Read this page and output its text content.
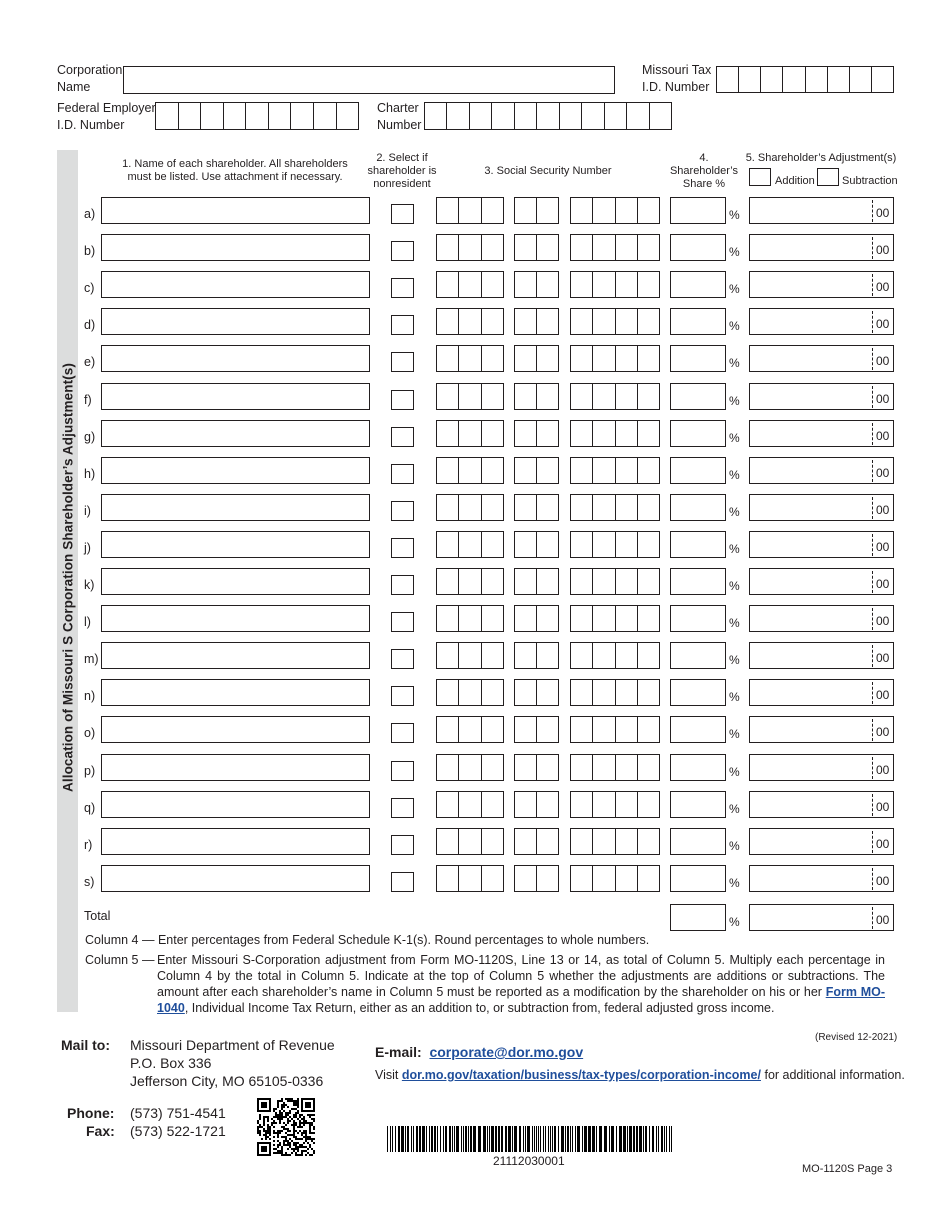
Corporation
Name
Missouri Tax
I.D. Number
Federal Employer
I.D. Number
Charter
Number
Allocation of Missouri S Corporation Shareholder’s Adjustment(s)
1. Name of each shareholder. All shareholders
must be listed. Use attachment if necessary.
2. Select if
shareholder is
nonresident
3. Social Security Number
4.
Shareholder’s
Share %
5. Shareholder’s Adjustment(s)
Addition Subtraction
a)	%	00
b)	%	00
c)	%	00
d)	%	00
e)	%	00
f)	%	00
g)	%	00
h)	%	00
i)	%	00
j)	%	00
k)	%	00
l)	%	00
m)	%	00
n)	%	00
o)	%	00
p)	%	00
q)	%	00
r)	%	00
s)	%	00
Total	%	00
Column 4 — Enter percentages from Federal Schedule K-1(s). Round percentages to whole numbers.
Column 5 — Enter Missouri S-Corporation adjustment from Form MO-1120S, Line 13 or 14, as total of Column 5. Multiply each percentage in Column 4 by the total in Column 5. Indicate at the top of Column 5 whether the adjustments are additions or subtractions. The amount after each shareholder’s name in Column 5 must be reported as a modification by the shareholder on his or her Form MO-1040, Individual Income Tax Return, either as an addition to, or subtraction from, federal adjusted gross income.
Mail to: Missouri Department of Revenue
P.O. Box 336
Jefferson City, MO 65105-0336
Phone: (573) 751-4541
Fax: (573) 522-1721
(Revised 12-2021)
E-mail: corporate@dor.mo.gov
Visit dor.mo.gov/taxation/business/tax-types/corporation-income/ for additional information.
21112030001
MO-1120S Page 3
